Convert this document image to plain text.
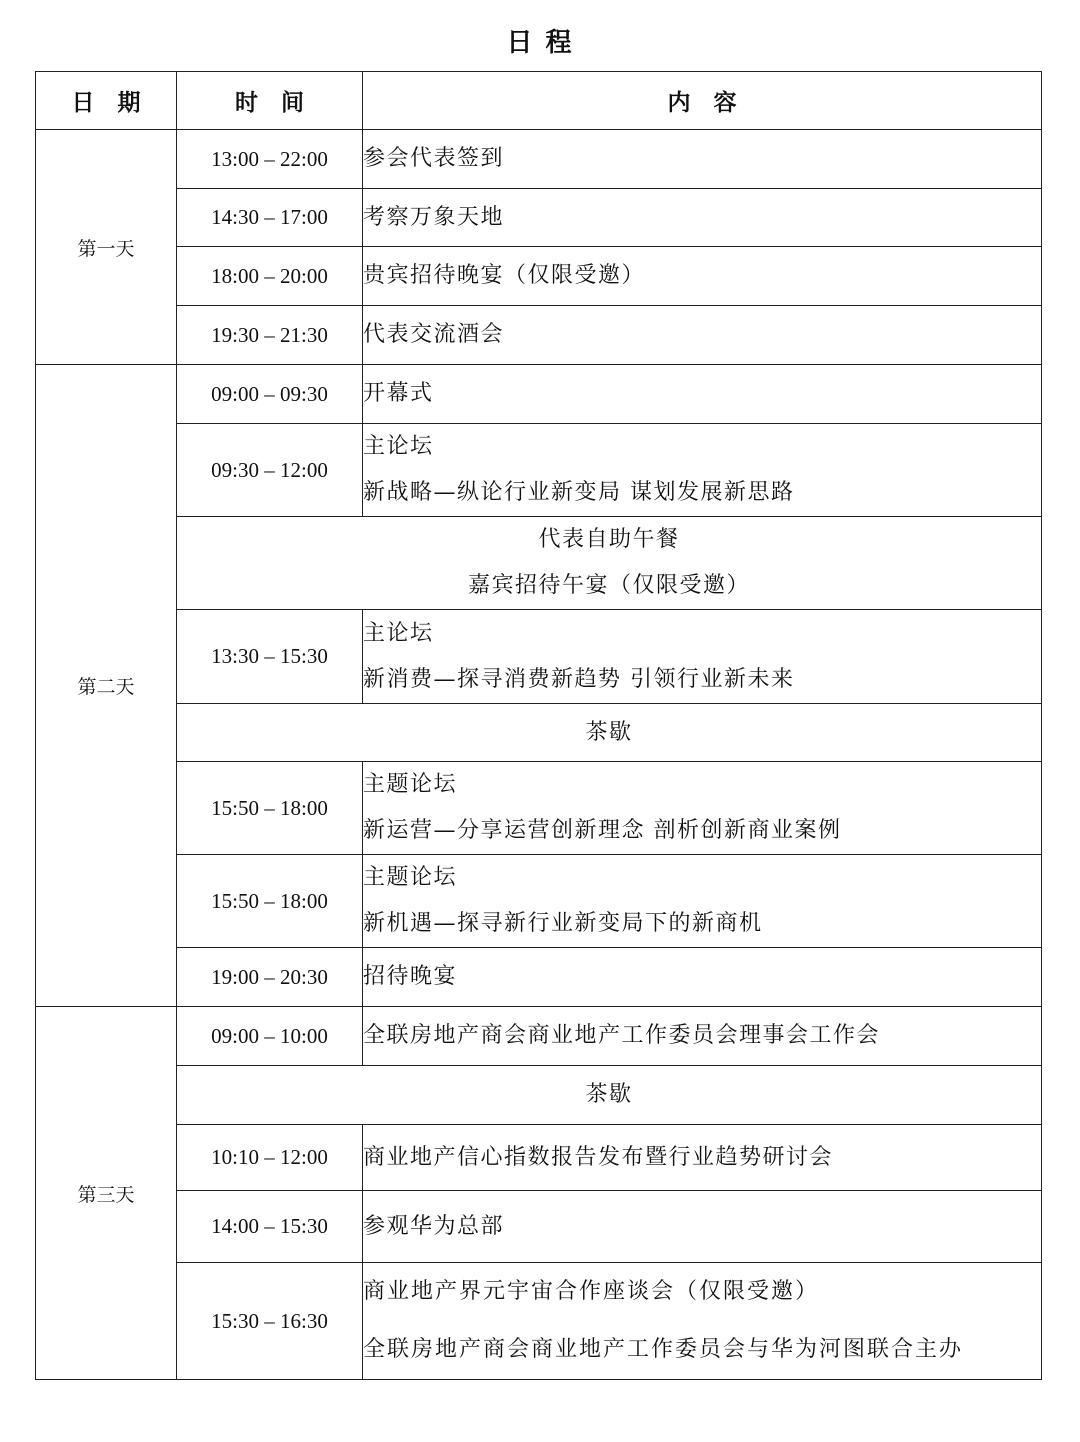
日 程
日　期	时　间	内　容
第一天	13:00 – 22:00	参会代表签到

	14:30 – 17:00	考察万象天地

	18:00 – 20:00	贵宾招待晚宴（仅限受邀）

	19:30 – 21:30	代表交流酒会

第二天	09:00 – 09:30	开幕式

	09:30 – 12:00	主论坛
新战略—纵论行业新变局 谋划发展新思路

	代表自助午餐
嘉宾招待午宴（仅限受邀）	

	13:30 – 15:30	主论坛
新消费—探寻消费新趋势 引领行业新未来

	茶歇	

	15:50 – 18:00	主题论坛
新运营—分享运营创新理念 剖析创新商业案例

	15:50 – 18:00	主题论坛
新机遇—探寻新行业新变局下的新商机

	19:00 – 20:30	招待晚宴

第三天	09:00 – 10:00	全联房地产商会商业地产工作委员会理事会工作会

	茶歇	

	10:10 – 12:00	商业地产信心指数报告发布暨行业趋势研讨会

	14:00 – 15:30	参观华为总部

	15:30 – 16:30	商业地产界元宇宙合作座谈会（仅限受邀）
全联房地产商会商业地产工作委员会与华为河图联合主办
